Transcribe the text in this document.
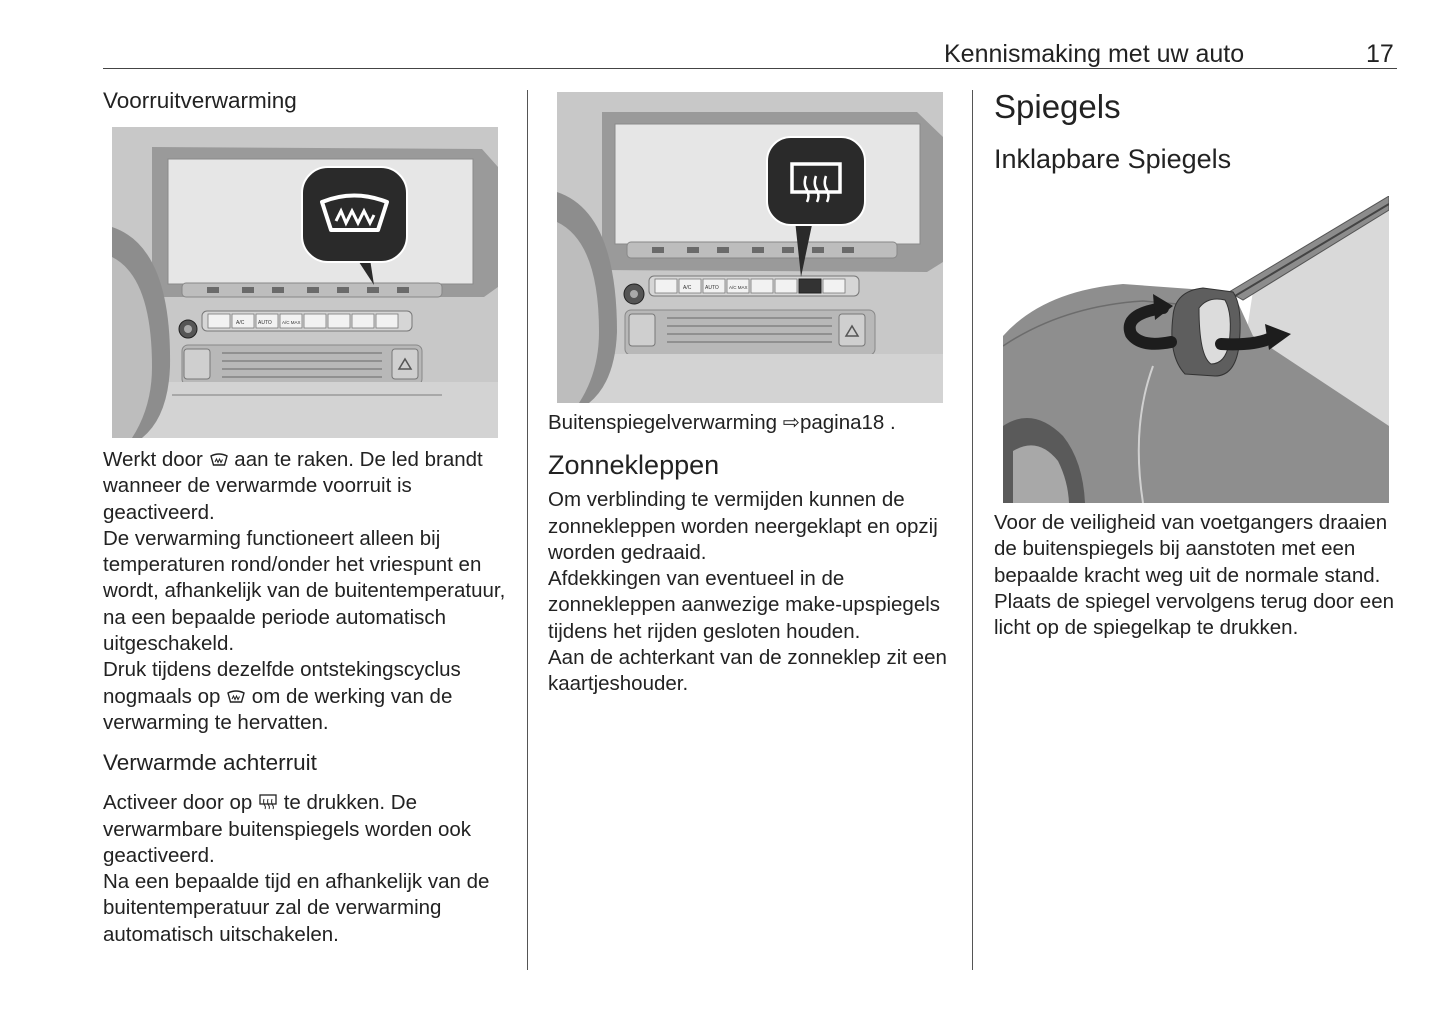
Kennismaking met uw auto	17
Voorruitverwarming
A/C	AUTO A/C MAX

Werkt door aan te raken. De led brandt wanneer de verwarmde voorruit is geactiveerd.

De verwarming functioneert alleen bij temperaturen rond/onder het vriespunt en wordt, afhankelijk van de buitentemperatuur, na een bepaalde periode automatisch uitgeschakeld.

Druk tijdens dezelfde ontstekingscyclus nogmaals op om de werking van de verwarming te hervatten.

Verwarmde achterruit

Activeer door op te drukken. De verwarmbare buitenspiegels worden ook geactiveerd.

Na een bepaalde tijd en afhankelijk van de buitentemperatuur zal de verwarming automatisch uitschakelen.

A/C	AUTO A/C MAX

Buitenspiegelverwarming ⇨pagina18 .

Zonnekleppen

Om verblinding te vermijden kunnen de zonnekleppen worden neergeklapt en opzij worden gedraaid.

Afdekkingen van eventueel in de zonnekleppen aanwezige make-upspiegels tijdens het rijden gesloten houden.

Aan de achterkant van de zonneklep zit een kaartjeshouder.

Spiegels
Inklapbare Spiegels

Voor de veiligheid van voetgangers draaien de buitenspiegels bij aanstoten met een bepaalde kracht weg uit de normale stand. Plaats de spiegel vervolgens terug door een licht op de spiegelkap te drukken.
